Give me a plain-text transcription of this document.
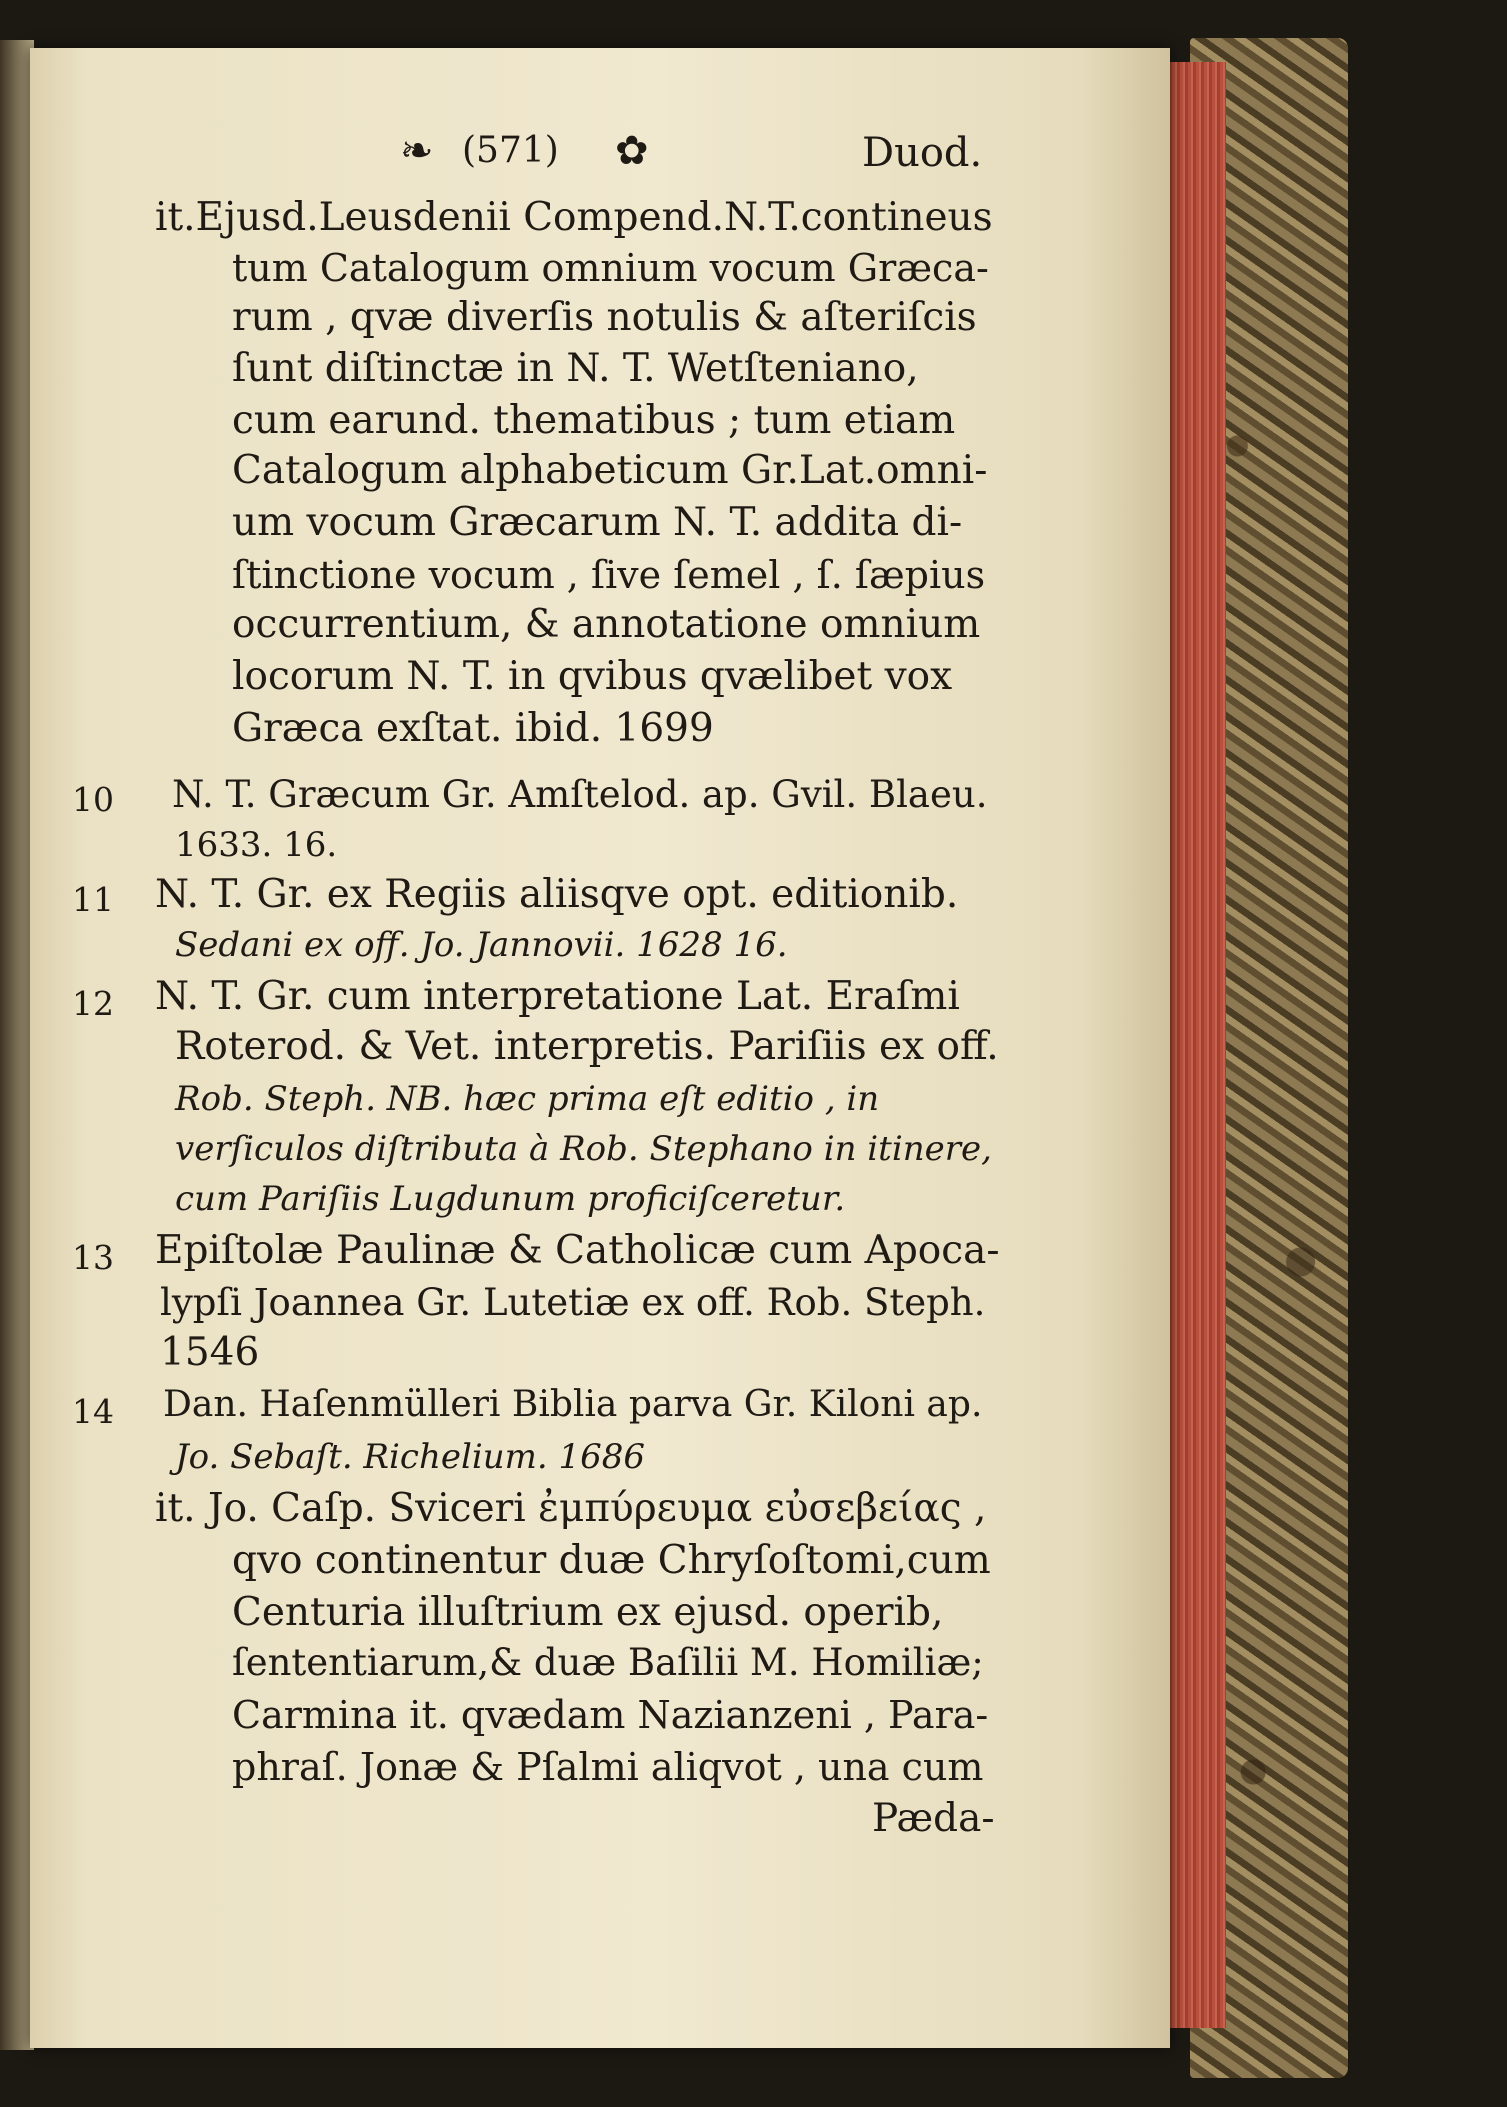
❧ (571) ✿	Duod.
it.Ejusd.Leusdenii Compend.N.T.contineus
tum Catalogum omnium vocum Græca-
rum , qvæ diverſis notulis & aſteriſcis
ſunt diſtinctæ in N. T. Wetſteniano,
cum earund. thematibus ; tum etiam
Catalogum alphabeticum Gr.Lat.omni-
um vocum Græcarum N. T. addita di-
ſtinctione vocum , ſive ſemel , ſ. ſæpius
occurrentium, & annotatione omnium
locorum N. T. in qvibus qvælibet vox
Græca exſtat. ibid. 1699
10 N. T. Græcum Gr. Amſtelod. ap. Gvil. Blaeu.
1633. 16.
11 N. T. Gr. ex Regiis aliisqve opt. editionib.
Sedani ex off. Jo. Jannovii. 1628 16.
12 N. T. Gr. cum interpretatione Lat. Eraſmi
Roterod. & Vet. interpretis. Pariſiis ex off.
Rob. Steph. NB. hæc prima eſt editio , in
verſiculos diſtributa à Rob. Stephano in itinere,
cum Pariſiis Lugdunum proficiſceretur.
13 Epiſtolæ Paulinæ & Catholicæ cum Apoca-
lypſi Joannea Gr. Lutetiæ ex off. Rob. Steph.
1546
14 Dan. Haſenmülleri Biblia parva Gr. Kiloni ap.
Jo. Sebaſt. Richelium. 1686
it. Jo. Caſp. Sviceri ἐμπύρευμα εὐσεβείας ,
qvo continentur duæ Chryſoſtomi,cum
Centuria illuſtrium ex ejusd. operib,
ſententiarum,& duæ Baſilii M. Homiliæ;
Carmina it. qvædam Nazianzeni , Para-
phraſ. Jonæ & Pſalmi aliqvot , una cum
Pæda-
